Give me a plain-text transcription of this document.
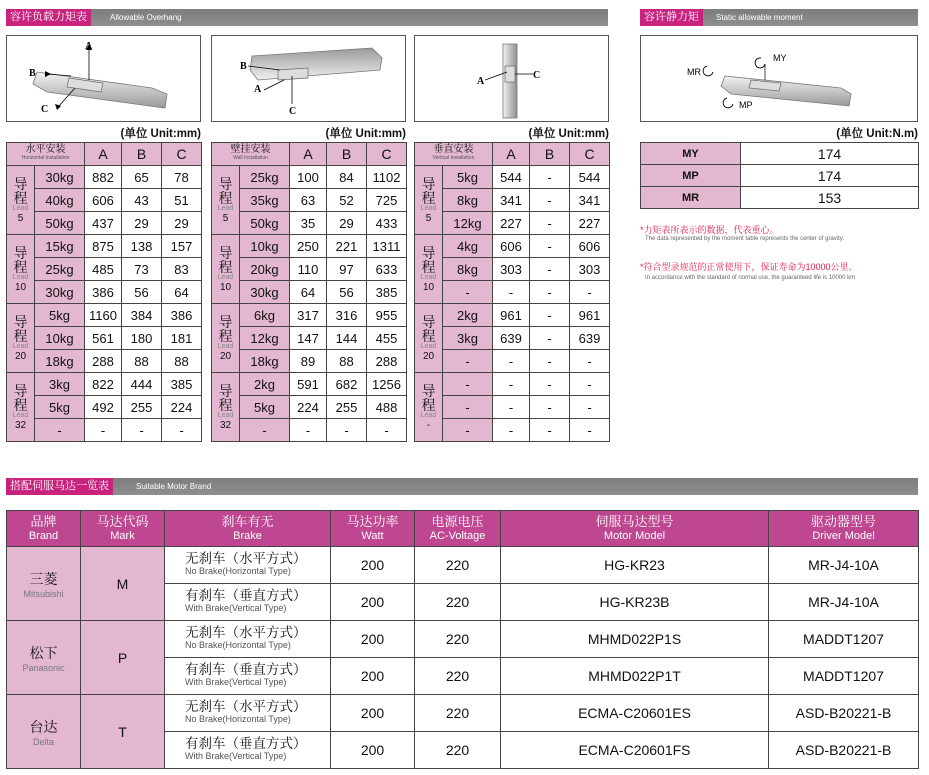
容许负载力矩表	Allowable Overhang	容许静力矩	Static allowable moment
A
B
C
B
A
C
A
C
MY
MR
MP
(单位 Unit:mm)	(单位 Unit:mm)	(单位 Unit:mm)	(单位 Unit:N.m)
水平安装
Horizontal Installation		A	B	C

导
程
Lead
5	30kg	882	65	78
	40kg	606	43	51
	50kg	437	29	29

导
程
Lead
10	15kg	875	138	157
	25kg	485	73	83
	30kg	386	56	64

导
程
Lead
20	5kg	1160	384	386
	10kg	561	180	181
	18kg	288	88	88

导
程
Lead
32	3kg	822	444	385
	5kg	492	255	224
	-	-	-	-
壁挂安装
Wall Installation		A	B	C

导
程
Lead
5	25kg	100	84	1102
	35kg	63	52	725
	50kg	35	29	433

导
程
Lead
10	10kg	250	221	1311
	20kg	110	97	633
	30kg	64	56	385

导
程
Lead
20	6kg	317	316	955
	12kg	147	144	455
	18kg	89	88	288

导
程
Lead
32	2kg	591	682	1256
	5kg	224	255	488
	-	-	-	-
垂直安装
Vertical Installation		A	B	C

导
程
Lead
5	5kg	544	-	544
	8kg	341	-	341
	12kg	227	-	227

导
程
Lead
10	4kg	606	-	606
	8kg	303	-	303
	-	-	-	-

导
程
Lead
20	2kg	961	-	961
	3kg	639	-	639
	-	-	-	-

导
程
Lead
-	-	-	-	-
	-	-	-	-
	-	-	-	-
MY	174
MP	174
MR	153
*力矩表所表示的数据，代表重心。
The data represented by the moment table represents the center of gravity.
*符合型录规范的正常使用下，保证寿命为10000公里。
In accordance with the standard of normal use, the guaranteed life is 10000 km
搭配伺服马达一览表	Suitable Motor Brand
品牌
Brand	马达代码
Mark	刹车有无
Brake	马达功率
Watt	电源电压
AC-Voltage	伺服马达型号
Motor Model	驱动器型号
Driver Model

三菱
Mitsubishi	M	无刹车（水平方式）
No Brake(Horizontal Type)	200	220	HG-KR23	MR-J4-10A

		有刹车（垂直方式）
With Brake(Vertical Type)	200	220	HG-KR23B	MR-J4-10A
松下
Panasonic	P	无刹车（水平方式）
No Brake(Horizontal Type)	200	220	MHMD022P1S	MADDT1207

		有刹车（垂直方式）
With Brake(Vertical Type)	200	220	MHMD022P1T	MADDT1207
台达
Delta	T	无刹车（水平方式）
No Brake(Horizontal Type)	200	220	ECMA-C20601ES	ASD-B20221-B

		有刹车（垂直方式）
With Brake(Vertical Type)	200	220	ECMA-C20601FS	ASD-B20221-B
